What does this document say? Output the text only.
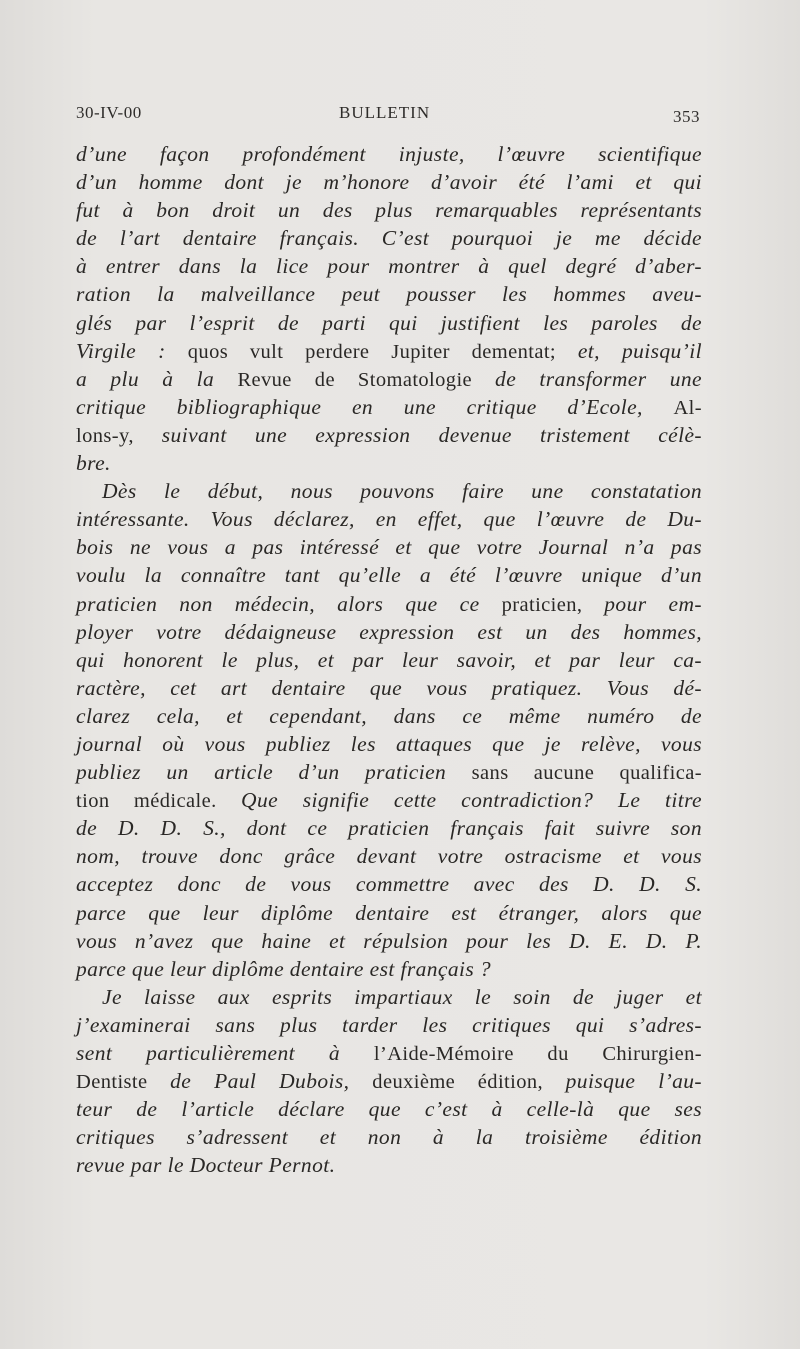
30-IV-00	BULLETIN	353
d’une façon profondément injuste, l’œuvre scientifique
d’un homme dont je m’honore d’avoir été l’ami et qui
fut à bon droit un des plus remarquables représentants
de l’art dentaire français. C’est pourquoi je me décide
à entrer dans la lice pour montrer à quel degré d’aber-
ration la malveillance peut pousser les hommes aveu-
glés par l’esprit de parti qui justifient les paroles de
Virgile : quos vult perdere Jupiter dementat; et, puisqu’il
a plu à la Revue de Stomatologie de transformer une
critique bibliographique en une critique d’Ecole, Al-
lons-y, suivant une expression devenue tristement célè-
bre.
Dès le début, nous pouvons faire une constatation
intéressante. Vous déclarez, en effet, que l’œuvre de Du-
bois ne vous a pas intéressé et que votre Journal n’a pas
voulu la connaître tant qu’elle a été l’œuvre unique d’un
praticien non médecin, alors que ce praticien, pour em-
ployer votre dédaigneuse expression est un des hommes,
qui honorent le plus, et par leur savoir, et par leur ca-
ractère, cet art dentaire que vous pratiquez. Vous dé-
clarez cela, et cependant, dans ce même numéro de
journal où vous publiez les attaques que je relève, vous
publiez un article d’un praticien sans aucune qualifica-
tion médicale. Que signifie cette contradiction? Le titre
de D. D. S., dont ce praticien français fait suivre son
nom, trouve donc grâce devant votre ostracisme et vous
acceptez donc de vous commettre avec des D. D. S.
parce que leur diplôme dentaire est étranger, alors que
vous n’avez que haine et répulsion pour les D. E. D. P.
parce que leur diplôme dentaire est français ?
Je laisse aux esprits impartiaux le soin de juger et
j’examinerai sans plus tarder les critiques qui s’adres-
sent particulièrement à l’Aide-Mémoire du Chirurgien-
Dentiste de Paul Dubois, deuxième édition, puisque l’au-
teur de l’article déclare que c’est à celle-là que ses
critiques s’adressent et non à la troisième édition
revue par le Docteur Pernot.
